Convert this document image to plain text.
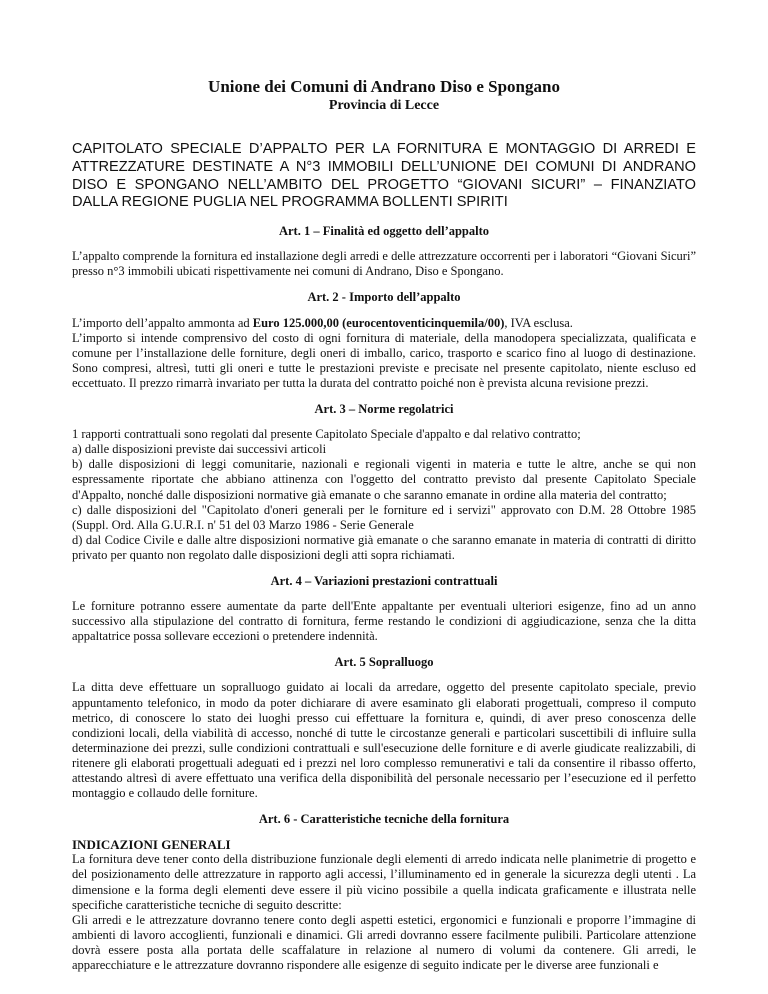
Unione dei Comuni di Andrano Diso e Spongano

Provincia di Lecce

CAPITOLATO SPECIALE D’APPALTO PER LA FORNITURA E MONTAGGIO DI ARREDI E ATTREZZATURE DESTINATE A N°3 IMMOBILI DELL’UNIONE DEI COMUNI DI ANDRANO DISO E SPONGANO NELL’AMBITO DEL PROGETTO “GIOVANI SICURI” – FINANZIATO DALLA REGIONE PUGLIA NEL PROGRAMMA BOLLENTI SPIRITI

Art. 1 – Finalità ed oggetto dell’appalto

L’appalto comprende la fornitura ed installazione degli arredi e delle attrezzature occorrenti per i laboratori “Giovani Sicuri” presso n°3 immobili ubicati rispettivamente nei comuni di Andrano, Diso e Spongano.

Art. 2 - Importo dell’appalto

L’importo dell’appalto ammonta ad Euro 125.000,00 (eurocentoventicinquemila/00), IVA esclusa.

L’importo si intende comprensivo del costo di ogni fornitura di materiale, della manodopera specializzata, qualificata e comune per l’installazione delle forniture, degli oneri di imballo, carico, trasporto e scarico fino al luogo di destinazione. Sono compresi, altresì, tutti gli oneri e tutte le prestazioni previste e precisate nel presente capitolato, niente escluso ed eccettuato. Il prezzo rimarrà invariato per tutta la durata del contratto poiché non è prevista alcuna revisione prezzi.

Art. 3 – Norme regolatrici

1 rapporti contrattuali sono regolati dal presente Capitolato Speciale d'appalto e dal relativo contratto;

a) dalle disposizioni previste dai successivi articoli

b) dalle disposizioni di leggi comunitarie, nazionali e regionali vigenti in materia e tutte le altre, anche se qui non espressamente riportate che abbiano attinenza con l'oggetto del contratto previsto dal presente Capitolato Speciale d'Appalto, nonché dalle disposizioni normative già emanate o che saranno emanate in ordine alla materia del contratto;

c) dalle disposizioni del "Capitolato d'oneri generali per le forniture ed i servizi" approvato con D.M. 28 Ottobre 1985 (Suppl. Ord. Alla G.U.R.I. n' 51 del 03 Marzo 1986 - Serie Generale

d) dal Codice Civile e dalle altre disposizioni normative già emanate o che saranno emanate in materia di contratti di diritto privato per quanto non regolato dalle disposizioni degli atti sopra richiamati.

Art. 4 – Variazioni prestazioni contrattuali

Le forniture potranno essere aumentate da parte dell'Ente appaltante per eventuali ulteriori esigenze, fino ad un anno successivo alla stipulazione del contratto di fornitura, ferme restando le condizioni di aggiudicazione, senza che la ditta appaltatrice possa sollevare eccezioni o pretendere indennità.

Art. 5 Sopralluogo

La ditta deve effettuare un sopralluogo guidato ai locali da arredare, oggetto del presente capitolato speciale, previo appuntamento telefonico, in modo da poter dichiarare di avere esaminato gli elaborati progettuali, compreso il computo metrico, di conoscere lo stato dei luoghi presso cui effettuare la fornitura e, quindi, di aver preso conoscenza delle condizioni locali, della viabilità di accesso, nonché di tutte le circostanze generali e particolari suscettibili di influire sulla determinazione dei prezzi, sulle condizioni contrattuali e sull'esecuzione delle forniture e di averle giudicate realizzabili, di ritenere gli elaborati progettuali adeguati ed i prezzi nel loro complesso remunerativi e tali da consentire il ribasso offerto, attestando altresì di avere effettuato una verifica della disponibilità del personale necessario per l’esecuzione ed il perfetto montaggio e collaudo delle forniture.

Art. 6 - Caratteristiche tecniche della fornitura

INDICAZIONI GENERALI

La fornitura deve tener conto della distribuzione funzionale degli elementi di arredo indicata nelle planimetrie di progetto e del posizionamento delle attrezzature in rapporto agli accessi, l’illuminamento ed in generale la sicurezza degli utenti . La dimensione e la forma degli elementi deve essere il più vicino possibile a quella indicata graficamente e illustrata nelle specifiche caratteristiche tecniche di seguito descritte:

Gli arredi e le attrezzature dovranno tenere conto degli aspetti estetici, ergonomici e funzionali e proporre l’immagine di ambienti di lavoro accoglienti, funzionali e dinamici. Gli arredi dovranno essere facilmente pulibili. Particolare attenzione dovrà essere posta alla portata delle scaffalature in relazione al numero di volumi da contenere. Gli arredi, le apparecchiature e le attrezzature dovranno rispondere alle esigenze di seguito indicate per le diverse aree funzionali e
